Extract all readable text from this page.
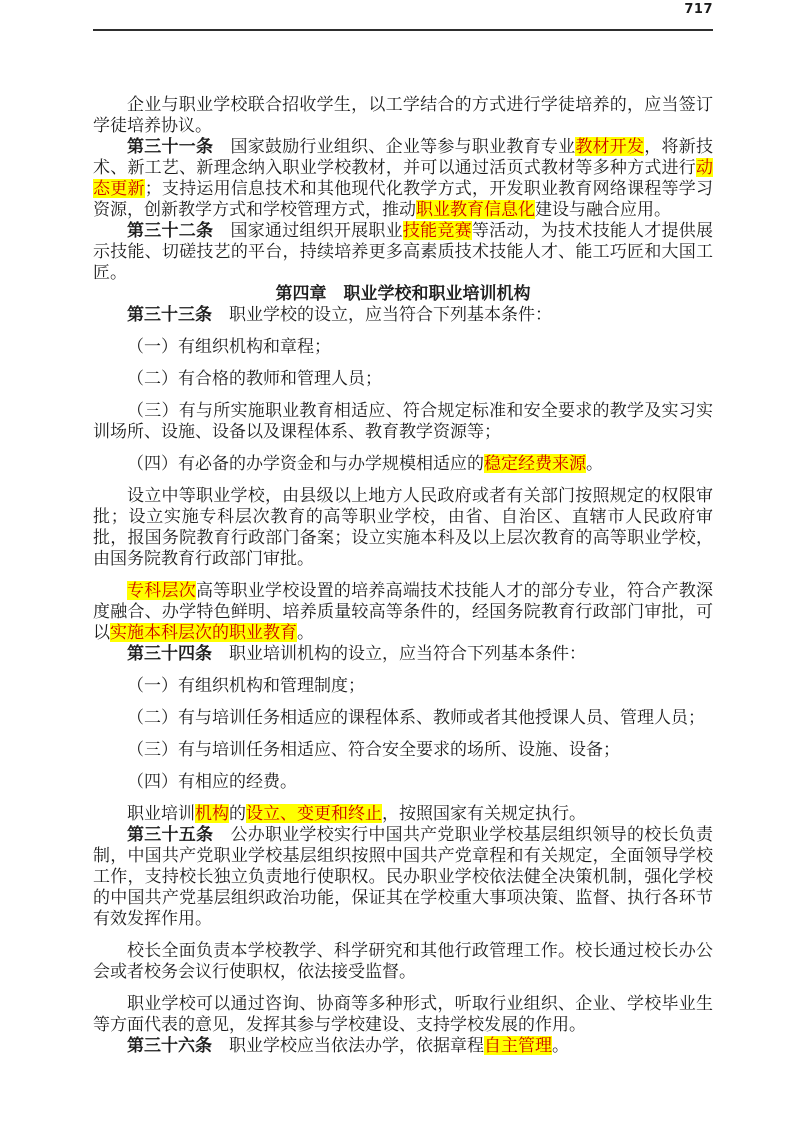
717

企业与职业学校联合招收学生，以工学结合的方式进行学徒培养的，应当签订学徒培养协议。

第三十一条　国家鼓励行业组织、企业等参与职业教育专业教材开发，将新技术、新工艺、新理念纳入职业学校教材，并可以通过活页式教材等多种方式进行动态更新；支持运用信息技术和其他现代化教学方式，开发职业教育网络课程等学习资源，创新教学方式和学校管理方式，推动职业教育信息化建设与融合应用。

第三十二条　国家通过组织开展职业技能竞赛等活动，为技术技能人才提供展示技能、切磋技艺的平台，持续培养更多高素质技术技能人才、能工巧匠和大国工匠。

第四章　职业学校和职业培训机构

第三十三条　职业学校的设立，应当符合下列基本条件：

（一）有组织机构和章程；

（二）有合格的教师和管理人员；

（三）有与所实施职业教育相适应、符合规定标准和安全要求的教学及实习实训场所、设施、设备以及课程体系、教育教学资源等；

（四）有必备的办学资金和与办学规模相适应的稳定经费来源。

设立中等职业学校，由县级以上地方人民政府或者有关部门按照规定的权限审批；设立实施专科层次教育的高等职业学校，由省、自治区、直辖市人民政府审批，报国务院教育行政部门备案；设立实施本科及以上层次教育的高等职业学校，由国务院教育行政部门审批。

专科层次高等职业学校设置的培养高端技术技能人才的部分专业，符合产教深度融合、办学特色鲜明、培养质量较高等条件的，经国务院教育行政部门审批，可以实施本科层次的职业教育。

第三十四条　职业培训机构的设立，应当符合下列基本条件：

（一）有组织机构和管理制度；

（二）有与培训任务相适应的课程体系、教师或者其他授课人员、管理人员；

（三）有与培训任务相适应、符合安全要求的场所、设施、设备；

（四）有相应的经费。

职业培训机构的设立、变更和终止，按照国家有关规定执行。

第三十五条　公办职业学校实行中国共产党职业学校基层组织领导的校长负责制，中国共产党职业学校基层组织按照中国共产党章程和有关规定，全面领导学校工作，支持校长独立负责地行使职权。民办职业学校依法健全决策机制，强化学校的中国共产党基层组织政治功能，保证其在学校重大事项决策、监督、执行各环节有效发挥作用。

校长全面负责本学校教学、科学研究和其他行政管理工作。校长通过校长办公会或者校务会议行使职权，依法接受监督。

职业学校可以通过咨询、协商等多种形式，听取行业组织、企业、学校毕业生等方面代表的意见，发挥其参与学校建设、支持学校发展的作用。

第三十六条　职业学校应当依法办学，依据章程自主管理。
